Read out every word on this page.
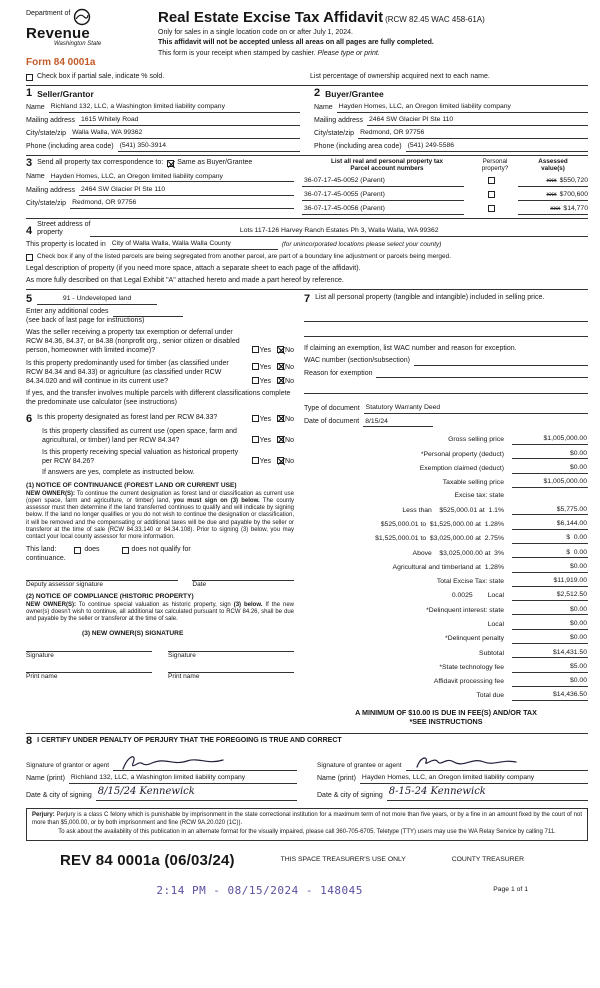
Department of
Revenue
Washington State
Form 84 0001a
Real Estate Excise Tax Affidavit (RCW 82.45 WAC 458-61A)
Only for sales in a single location code on or after July 1, 2024.
This affidavit will not be accepted unless all areas on all pages are fully completed.
This form is your receipt when stamped by cashier. Please type or print.
Check box if partial sale, indicate % sold.	List percentage of ownership acquired next to each name.
1 Seller/Grantor
Name Richland 132, LLC, a Washington limited liability company
Mailing address 1615 Whitely Road
City/state/zip Walla Walla, WA 99362
Phone (including area code) (541) 350-3914
2 Buyer/Grantee
Name Hayden Homes, LLC, an Oregon limited liability company
Mailing address 2464 SW Glacier Pl Ste 110
City/state/zip Redmond, OR 97756
Phone (including area code) (541) 249-5586
3 Send all property tax correspondence to: Same as Buyer/Grantee
Name Hayden Homes, LLC, an Oregon limited liability company
Mailing address 2464 SW Glacier Pl Ste 110
City/state/zip Redmond, OR 97756
List all real and personal property tax
Parcel account numbers
Personal
property?
Assessed
value(s)
36-07-17-45-0052 (Parent)	xxx $550,720
36-07-17-45-0055 (Parent)	xxx $700,600
36-07-17-45-0056 (Parent)	xxx $14,770
4
Street address of
property	Lots 117-126 Harvey Ranch Estates Ph 3, Walla Walla, WA 99362
This property is located in City of Walla Walla, Walla Walla County	(for unincorporated locations please select your county)
Check box if any of the listed parcels are being segregated from another parcel, are part of a boundary line adjustment or parcels being merged.
Legal description of property (if you need more space, attach a separate sheet to each page of the affidavit).
As more fully described on that Legal Exhibit "A" attached hereto and made a part hereof by reference.
5	91 - Undeveloped land
Enter any additional codes
(see back of last page for instructions)
Was the seller receiving a property tax exemption or deferral under RCW 84.36, 84.37, or 84.38 (nonprofit org., senior citizen or disabled person, homeowner with limited income)?	Yes No
Is this property predominantly used for timber (as classified under RCW 84.34 and 84.33) or agriculture (as classified under RCW 84.34.020 and will continue in its current use?
Yes No
Yes No
If yes, and the transfer involves multiple parcels with different classifications complete the predominate use calculator (see instructions)
6 Is this property designated as forest land per RCW 84.33?	Yes No
Is this property classified as current use (open space, farm and agricultural, or timber) land per RCW 84.34?	Yes No
Is this property receiving special valuation as historical property per RCW 84.26?	Yes No
If answers are yes, complete as instructed below.
(1) NOTICE OF CONTINUANCE (FOREST LAND OR CURRENT USE)
NEW OWNER(S): To continue the current designation as forest land or classification as current use (open space, farm and agriculture, or timber) land, you must sign on (3) below. The county assessor must then determine if the land transferred continues to qualify and will indicate by signing below. If the land no longer qualifies or you do not wish to continue the designation or classification, it will be removed and the compensating or additional taxes will be due and payable by the seller or transferor at the time of sale (RCW 84.33.140 or 84.34.108). Prior to signing (3) below, you may contact your local county assessor for more information.
This land:	does	does not qualify for
continuance.
Deputy assessor signature	Date
(2) NOTICE OF COMPLIANCE (HISTORIC PROPERTY)
NEW OWNER(S): To continue special valuation as historic property, sign (3) below. If the new owner(s) doesn't wish to continue, all additional tax calculated pursuant to RCW 84.26, shall be due and payable by the seller or transferor at the time of sale.
(3) NEW OWNER(S) SIGNATURE
Signature	Signature
Print name	Print name
7 List all personal property (tangible and intangible) included in selling price.
If claiming an exemption, list WAC number and reason for exception.
WAC number (section/subsection)
Reason for exemption
Type of document Statutory Warranty Deed
Date of document 8/15/24
Gross selling price	$1,005,000.00
*Personal property (deduct)	$0.00
Exemption claimed (deduct)	$0.00
Taxable selling price	$1,005,000.00
Excise tax: state
Less than    $525,000.01 at  1.1%	$5,775.00
$525,000.01 to  $1,525,000.00 at  1.28%	$6,144.00
$1,525,000.01 to  $3,025,000.00 at  2.75%	$  0.00
Above    $3,025,000.00 at  3%	$  0.00
Agricultural and timberland at  1.28%	$0.00
Total Excise Tax: state	$11,919.00
0.0025        Local	$2,512.50
*Delinquent interest: state	$0.00
Local	$0.00
*Delinquent penalty	$0.00
Subtotal	$14,431.50
*State technology fee	$5.00
Affidavit processing fee	$0.00
Total due	$14,436.50
A MINIMUM OF $10.00 IS DUE IN FEE(S) AND/OR TAX
*SEE INSTRUCTIONS
8 I CERTIFY UNDER PENALTY OF PERJURY THAT THE FOREGOING IS TRUE AND CORRECT
Signature of grantor or agent
Name (print) Richland 132, LLC, a Washington limited liability company
Date & city of signing 8/15/24 Kennewick
Signature of grantee or agent
Name (print) Hayden Homes, LLC, an Oregon limited liability company
Date & city of signing 8-15-24 Kennewick
Perjury: Perjury is a class C felony which is punishable by imprisonment in the state correctional institution for a maximum term of not more than five years, or by a fine in an amount fixed by the court of not more than $5,000.00, or by both imprisonment and fine (RCW 9A.20.020 (1C)).
To ask about the availability of this publication in an alternate format for the visually impaired, please call 360-705-6705. Teletype (TTY) users may use the WA Relay Service by calling 711.
REV 84 0001a (06/03/24)	THIS SPACE TREASURER'S USE ONLY	COUNTY TREASURER
2:14 PM - 08/15/2024 - 148045	Page 1 of 1
